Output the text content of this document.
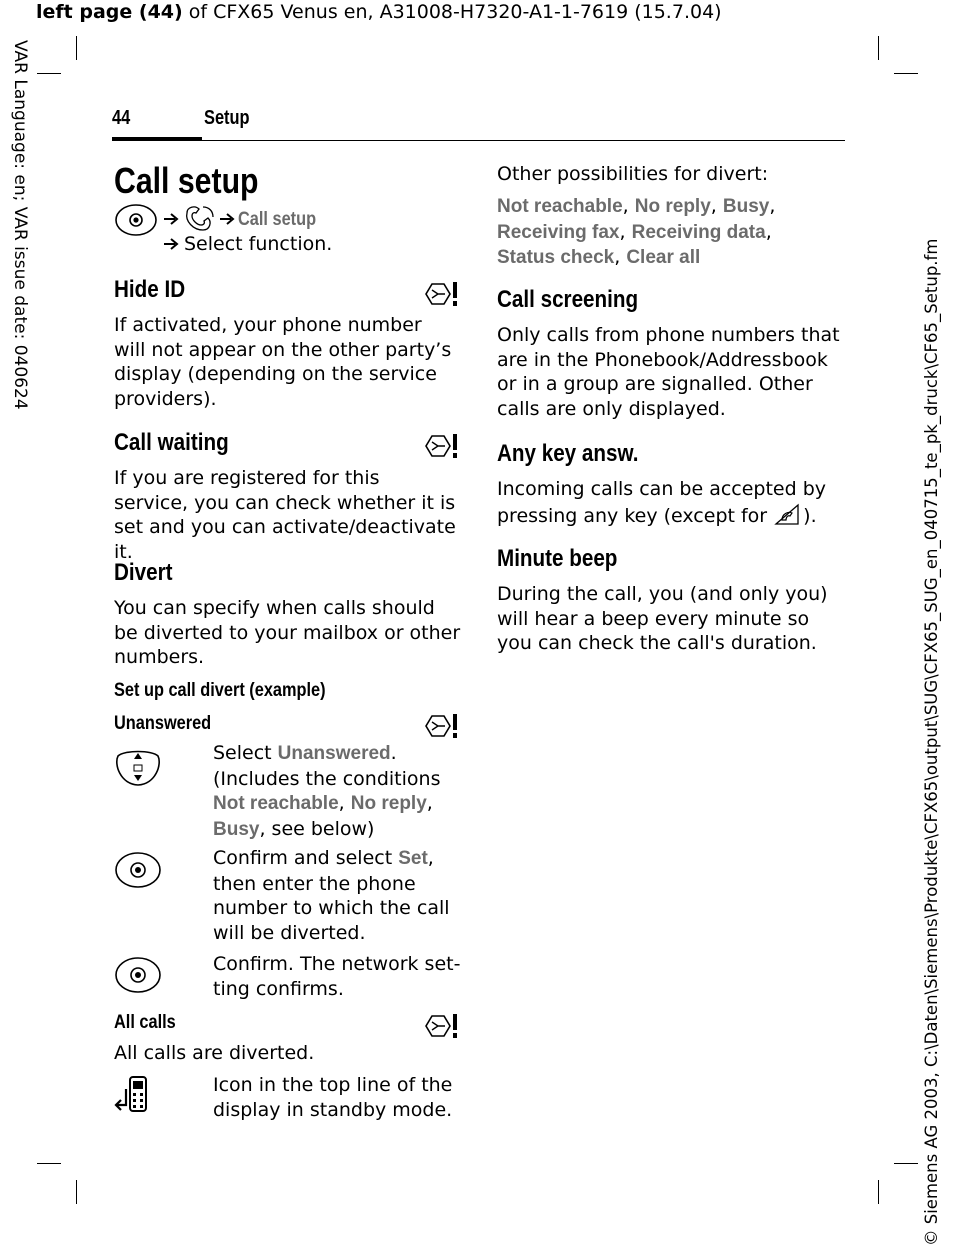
left page (44) of CFX65 Venus en, A31008-H7320-A1-1-7619 (15.7.04)
VAR Language: en; VAR issue date: 040624
© Siemens AG 2003, C:\Daten\Siemens\Produkte\CFX65\output\SUG\CFX65_SUG_en_040715_te_pk_druck\CF65_Setup.fm
44	Setup
Call setup
Call setup
Select function.
Hide ID
If activated, your phone number will not appear on the other party’s display (depending on the service providers).
Call waiting
If you are registered for this service, you can check whether it is set and you can activate/deactivate it.
Divert
You can specify when calls should be diverted to your mailbox or other numbers.
Set up call divert (example)
Unanswered
Select Unanswered. (Includes the conditions Not reachable, No reply, Busy, see below)
Confirm and select Set, then enter the phone number to which the call will be diverted.
Confirm. The network set-ting confirms.
All calls
All calls are diverted.
Icon in the top line of the display in standby mode.
Other possibilities for divert:
Not reachable, No reply, Busy,
Receiving fax, Receiving data,
Status check, Clear all
Call screening
Only calls from phone numbers that are in the Phonebook/Addressbook or in a group are signalled. Other calls are only displayed.
Any key answ.
Incoming calls can be accepted by pressing any key (except for ).
Minute beep
During the call, you (and only you) will hear a beep every minute so you can check the call's duration.
